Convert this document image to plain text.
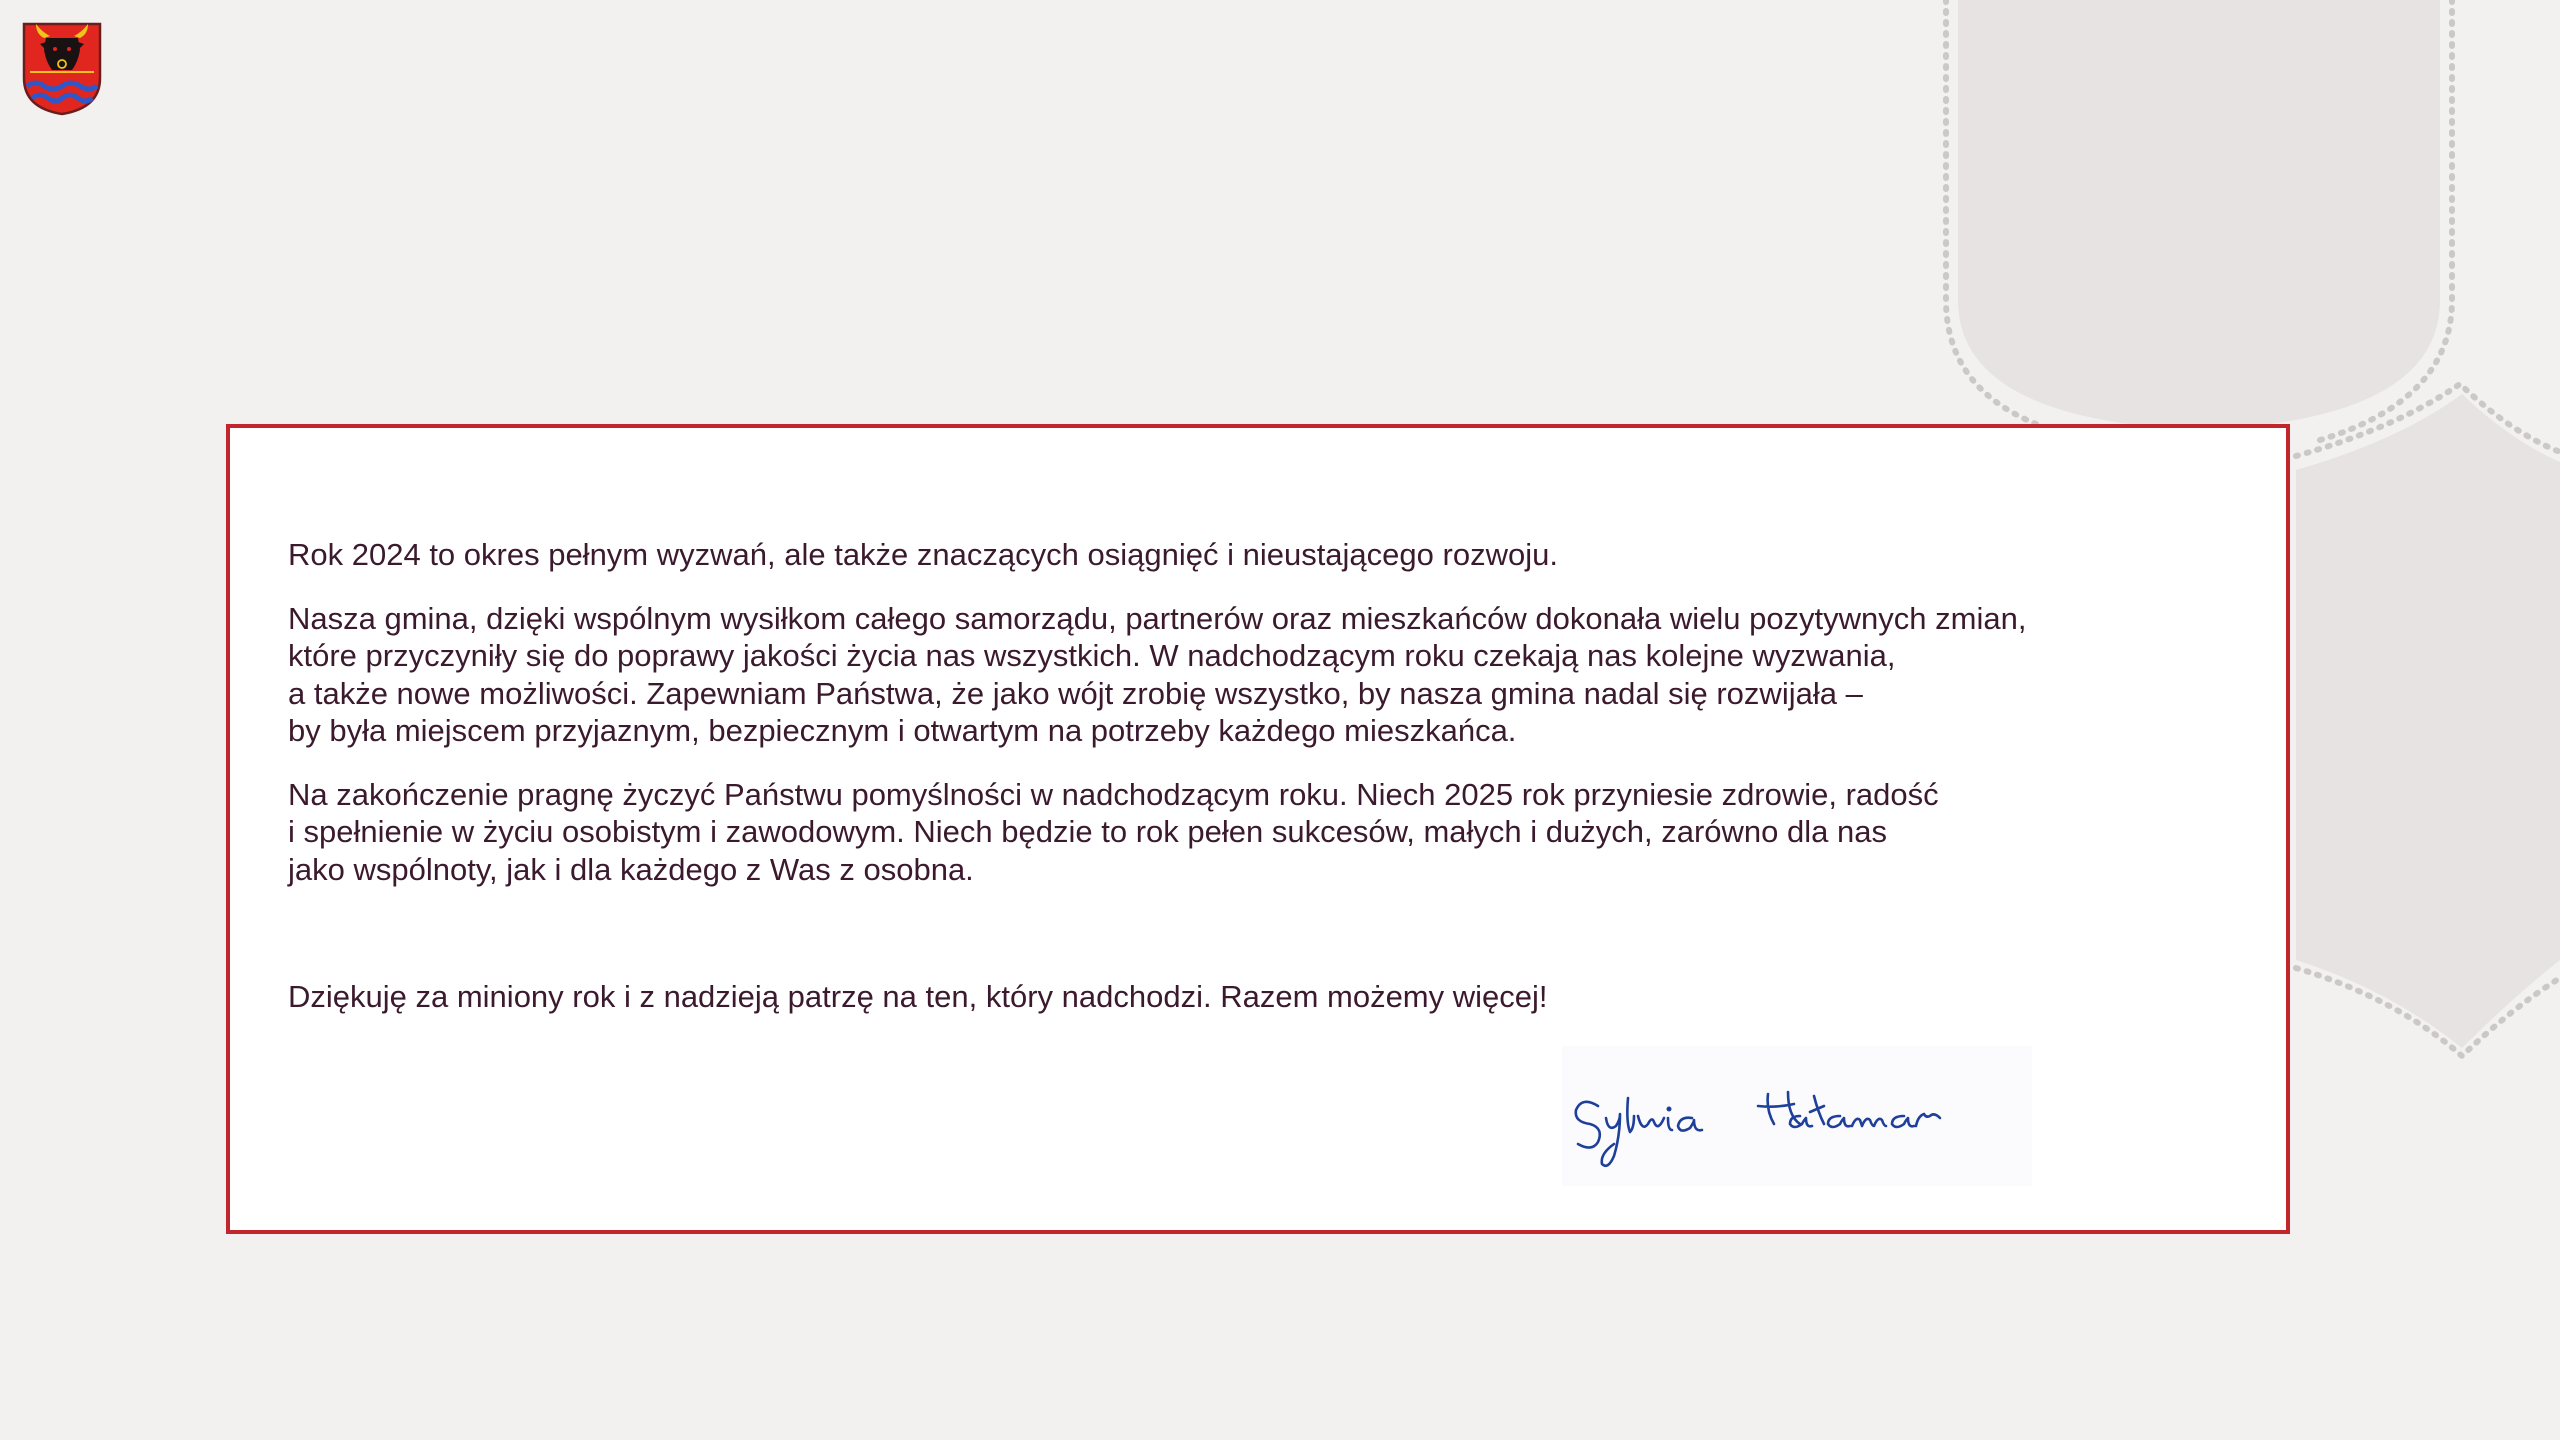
Rok 2024 to okres pełnym wyzwań, ale także znaczących osiągnięć i nieustającego rozwoju.

Nasza gmina, dzięki wspólnym wysiłkom całego samorządu, partnerów oraz mieszkańców dokonała wielu pozytywnych zmian,
które przyczyniły się do poprawy jakości życia nas wszystkich. W nadchodzącym roku czekają nas kolejne wyzwania,
a także nowe możliwości. Zapewniam Państwa, że jako wójt zrobię wszystko, by nasza gmina nadal się rozwijała –
by była miejscem przyjaznym, bezpiecznym i otwartym na potrzeby każdego mieszkańca.

Na zakończenie pragnę życzyć Państwu pomyślności w nadchodzącym roku. Niech 2025 rok przyniesie zdrowie, radość
i spełnienie w życiu osobistym i zawodowym. Niech będzie to rok pełen sukcesów, małych i dużych, zarówno dla nas
jako wspólnoty, jak i dla każdego z Was z osobna.

Dziękuję za miniony rok i z nadzieją patrzę na ten, który nadchodzi. Razem możemy więcej!
